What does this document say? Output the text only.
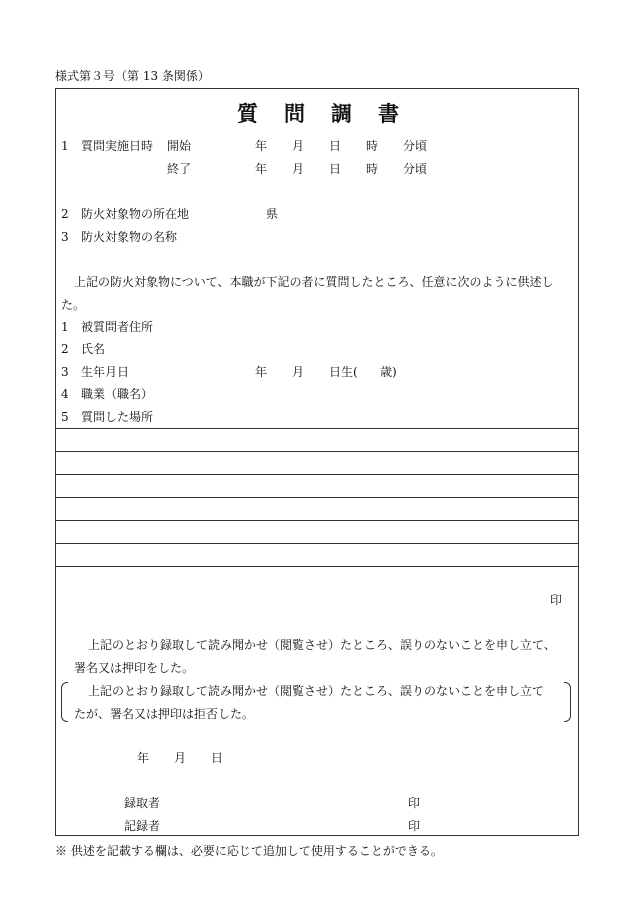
様式第３号（第 13 条関係）
質問調書
1 質問実施日時 開始	年 月 日 時 分頃
終了	年 月 日 時 分頃
2 防火対象物の所在地	県
3 防火対象物の名称
上記の防火対象物について、本職が下記の者に質問したところ、任意に次のように供述し
た。
1 被質問者住所
2 氏名
3 生年月日	年 月 日生( 歳)
4 職業（職名）
5 質問した場所
印
上記のとおり録取して読み聞かせ（閲覧させ）たところ、誤りのないことを申し立て、
署名又は押印をした。
上記のとおり録取して読み聞かせ（閲覧させ）たところ、誤りのないことを申し立て
たが、署名又は押印は拒否した。
年 月 日
録取者	印
記録者	印
※ 供述を記載する欄は、必要に応じて追加して使用することができる。
